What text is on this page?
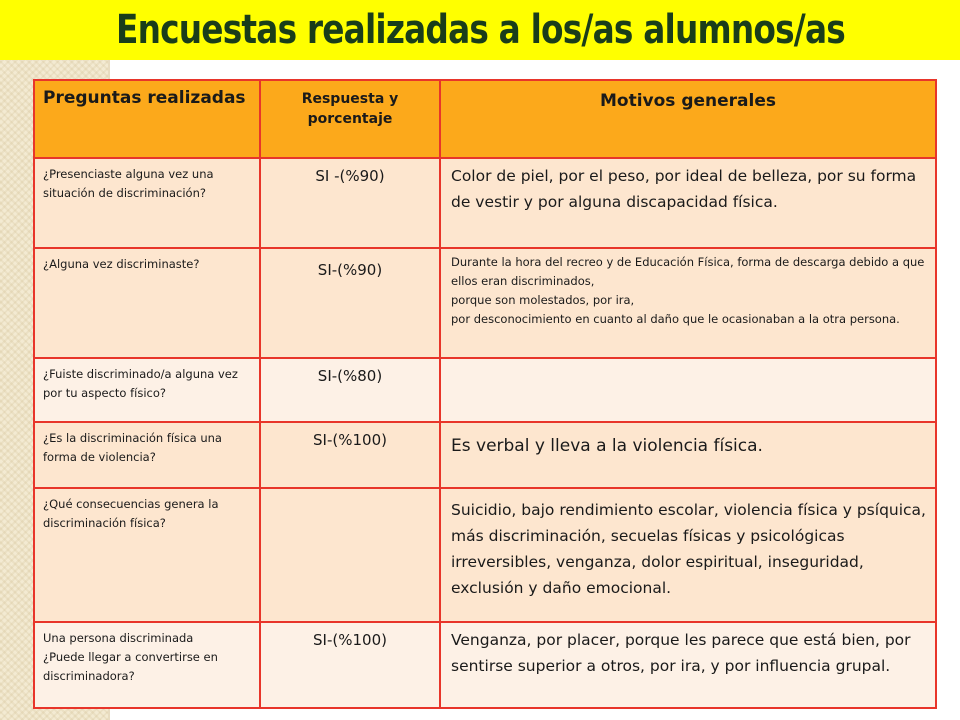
Encuestas realizadas a los/as alumnos/as
Preguntas realizadas	Respuesta y porcentaje	Motivos generales
¿Presenciaste alguna vez una situación de discriminación?	SI -(%90)	Color de piel, por el peso, por ideal de belleza, por su forma de vestir y por alguna discapacidad física.
¿Alguna vez discriminaste?	SI-(%90)	Durante la hora del recreo y de Educación Física, forma de descarga debido a que ellos eran discriminados,
porque son molestados, por ira,
por desconocimiento en cuanto al daño que le ocasionaban a la otra persona.

¿Fuiste discriminado/a alguna vez por tu aspecto físico?	SI-(%80)	
¿Es la discriminación física una forma de violencia?	SI-(%100)	Es verbal y lleva a la violencia física.
¿Qué consecuencias genera la discriminación física?		Suicidio, bajo rendimiento escolar, violencia física y psíquica, más discriminación, secuelas físicas y psicológicas irreversibles, venganza, dolor espiritual, inseguridad, exclusión y daño emocional.

Una persona discriminada
¿Puede llegar a convertirse en discriminadora?	SI-(%100)	Venganza, por placer, porque les parece que está bien, por sentirse superior a otros, por ira, y por influencia grupal.
